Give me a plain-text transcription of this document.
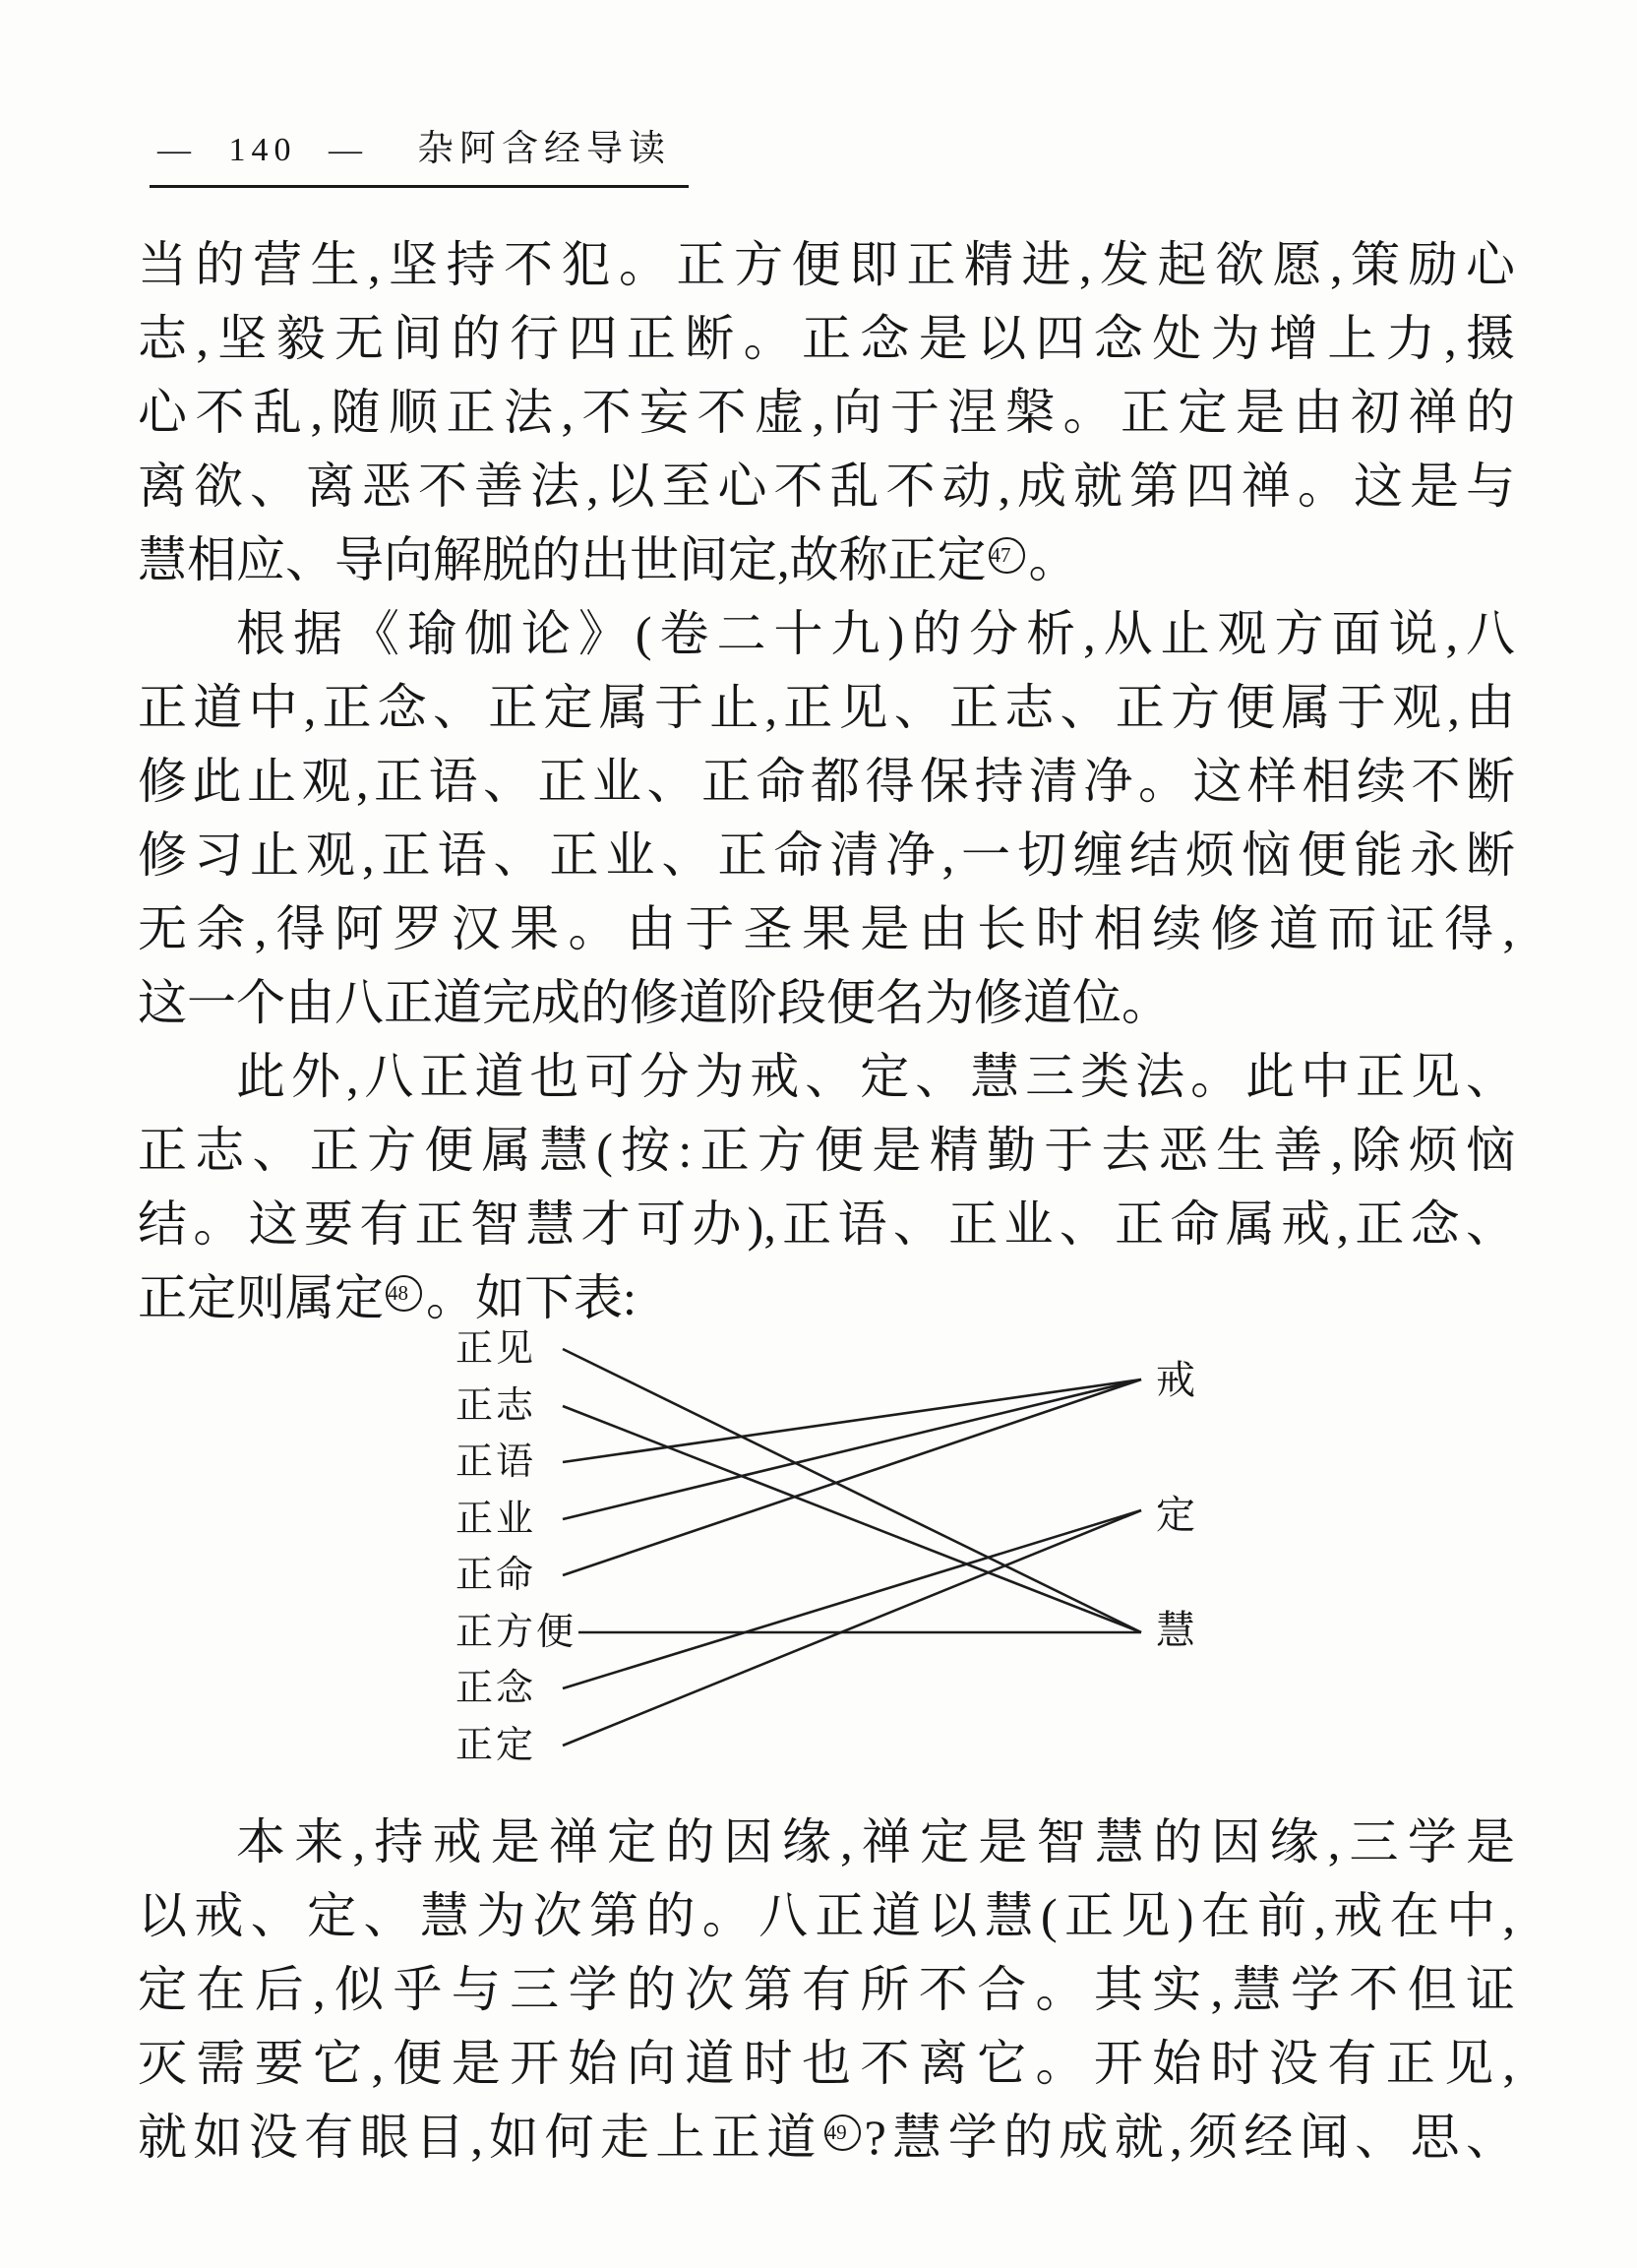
— 140 — 杂阿含经导读
当的营生,坚持不犯。正方便即正精进,发起欲愿,策励心
志,坚毅无间的行四正断。正念是以四念处为增上力,摄
心不乱,随顺正法,不妄不虚,向于涅槃。正定是由初禅的
离欲、离恶不善法,以至心不乱不动,成就第四禅。这是与
慧相应、导向解脱的出世间定,故称正定 47 。
根据《瑜伽论》(卷二十九)的分析,从止观方面说,八
正道中,正念、正定属于止,正见、正志、正方便属于观,由
修此止观,正语、正业、正命都得保持清净。这样相续不断
修习止观,正语、正业、正命清净,一切缠结烦恼便能永断
无余,得阿罗汉果。由于圣果是由长时相续修道而证得,
这一个由八正道完成的修道阶段便名为修道位。
此外,八正道也可分为戒、定、慧三类法。此中正见、
正志、正方便属慧(按:正方便是精勤于去恶生善,除烦恼
结。这要有正智慧才可办),正语、正业、正命属戒,正念、
正定则属定 48 。如下表:
正见
正志
正语
正业
正命
正方便
正念
正定
戒
定
慧
本来,持戒是禅定的因缘,禅定是智慧的因缘,三学是
以戒、定、慧为次第的。八正道以慧(正见)在前,戒在中,
定在后,似乎与三学的次第有所不合。其实,慧学不但证
灭需要它,便是开始向道时也不离它。开始时没有正见,
就如没有眼目,如何走上正道 49 ?慧学的成就,须经闻、思、
